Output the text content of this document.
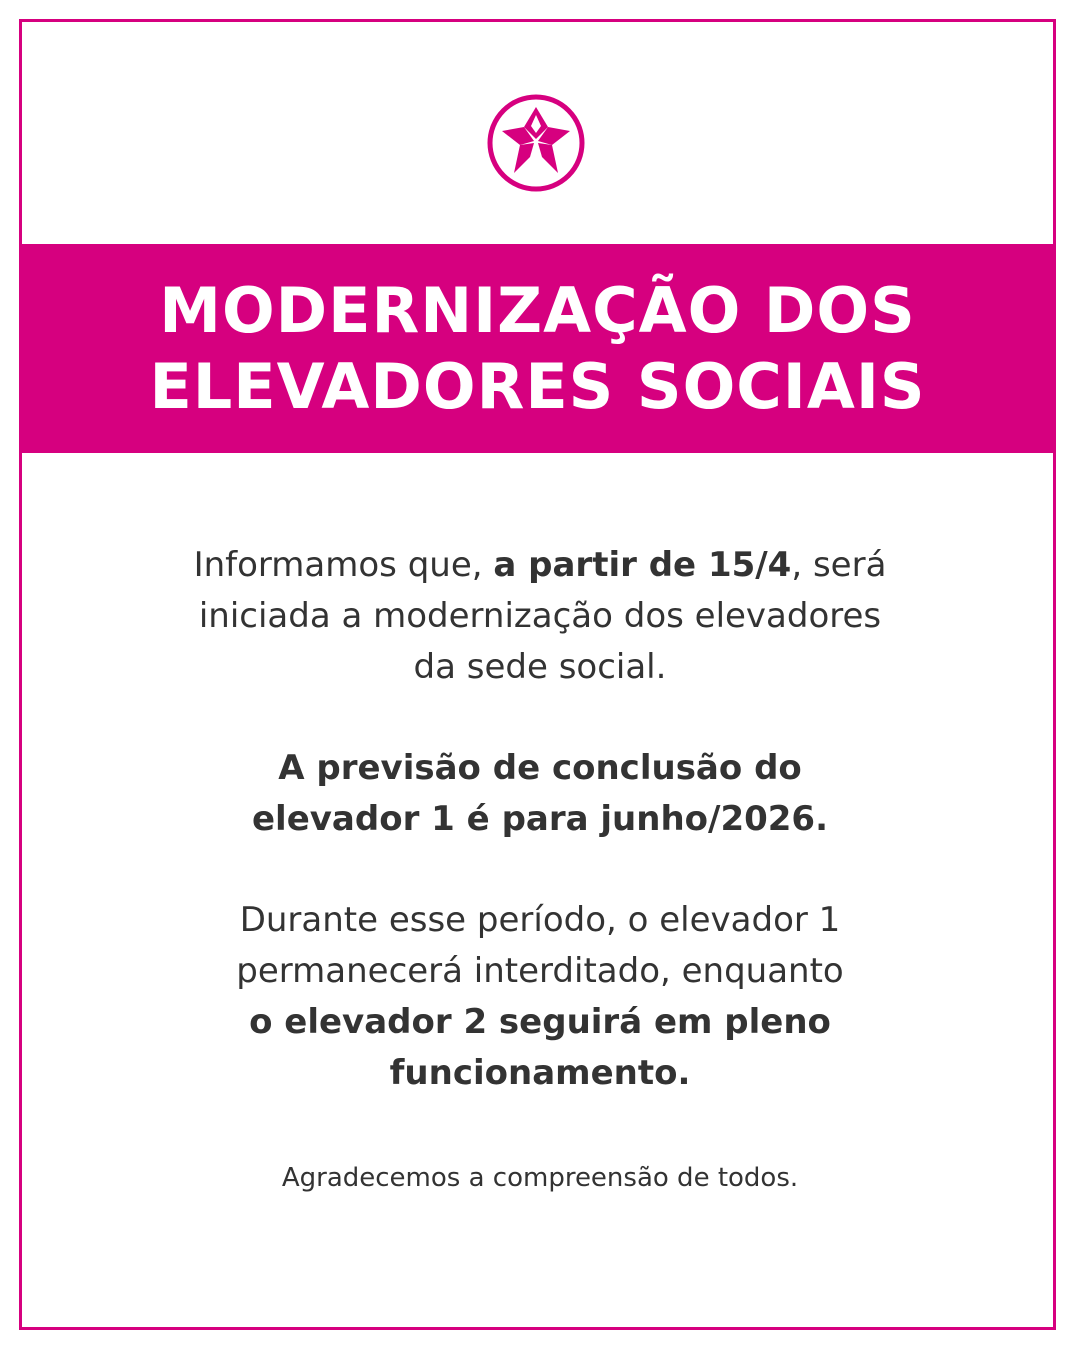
MODERNIZAÇÃO DOS
ELEVADORES SOCIAIS
Informamos que, a partir de 15/4, será
iniciada a modernização dos elevadores
da sede social.
A previsão de conclusão do
elevador 1 é para junho/2026.
Durante esse período, o elevador 1
permanecerá interditado, enquanto
o elevador 2 seguirá em pleno
funcionamento.
Agradecemos a compreensão de todos.
